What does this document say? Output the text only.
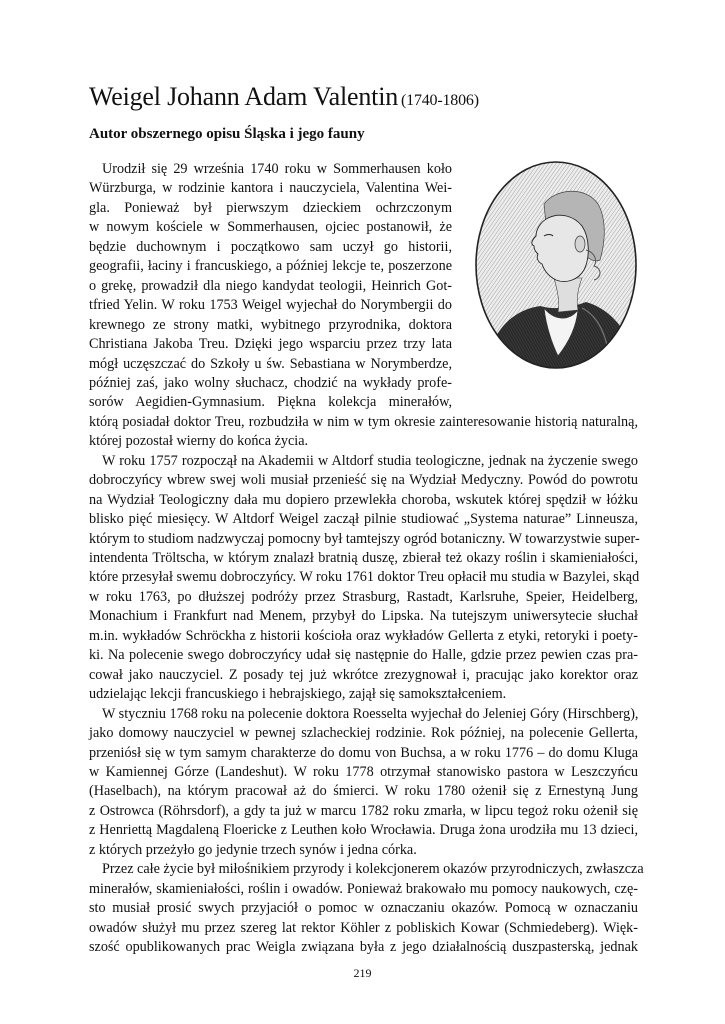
Weigel Johann Adam Valentin (1740-1806)
Autor obszernego opisu Śląska i jego fauny
Urodził się 29 września 1740 roku w Sommerhausen koło
Würzburga, w rodzinie kantora i nauczyciela, Valentina Wei-
gla. Ponieważ był pierwszym dzieckiem ochrzczonym
w nowym kościele w Sommerhausen, ojciec postanowił, że
będzie duchownym i początkowo sam uczył go historii,
geografii, łaciny i francuskiego, a później lekcje te, poszerzone
o grekę, prowadził dla niego kandydat teologii, Heinrich Got-
tfried Yelin. W roku 1753 Weigel wyjechał do Norymbergii do
krewnego ze strony matki, wybitnego przyrodnika, doktora
Christiana Jakoba Treu. Dzięki jego wsparciu przez trzy lata
mógł uczęszczać do Szkoły u św. Sebastiana w Norymberdze,
później zaś, jako wolny słuchacz, chodzić na wykłady profe-
sorów Aegidien-Gymnasium. Piękna kolekcja minerałów,
którą posiadał doktor Treu, rozbudziła w nim w tym okresie zainteresowanie historią naturalną,
której pozostał wierny do końca życia.
W roku 1757 rozpoczął na Akademii w Altdorf studia teologiczne, jednak na życzenie swego
dobroczyńcy wbrew swej woli musiał przenieść się na Wydział Medyczny. Powód do powrotu
na Wydział Teologiczny dała mu dopiero przewlekła choroba, wskutek której spędził w łóżku
blisko pięć miesięcy. W Altdorf Weigel zaczął pilnie studiować „Systema naturae” Linneusza,
którym to studiom nadzwyczaj pomocny był tamtejszy ogród botaniczny. W towarzystwie super-
intendenta Tröltscha, w którym znalazł bratnią duszę, zbierał też okazy roślin i skamieniałości,
które przesyłał swemu dobroczyńcy. W roku 1761 doktor Treu opłacił mu studia w Bazylei, skąd
w roku 1763, po dłuższej podróży przez Strasburg, Rastadt, Karlsruhe, Speier, Heidelberg,
Monachium i Frankfurt nad Menem, przybył do Lipska. Na tutejszym uniwersytecie słuchał
m.in. wykładów Schröckha z historii kościoła oraz wykładów Gellerta z etyki, retoryki i poety-
ki. Na polecenie swego dobroczyńcy udał się następnie do Halle, gdzie przez pewien czas pra-
cował jako nauczyciel. Z posady tej już wkrótce zrezygnował i, pracując jako korektor oraz
udzielając lekcji francuskiego i hebrajskiego, zajął się samokształceniem.
W styczniu 1768 roku na polecenie doktora Roesselta wyjechał do Jeleniej Góry (Hirschberg),
jako domowy nauczyciel w pewnej szlacheckiej rodzinie. Rok później, na polecenie Gellerta,
przeniósł się w tym samym charakterze do domu von Buchsa, a w roku 1776 – do domu Kluga
w Kamiennej Górze (Landeshut). W roku 1778 otrzymał stanowisko pastora w Leszczyńcu
(Haselbach), na którym pracował aż do śmierci. W roku 1780 ożenił się z Ernestyną Jung
z Ostrowca (Röhrsdorf), a gdy ta już w marcu 1782 roku zmarła, w lipcu tegoż roku ożenił się
z Henriettą Magdaleną Floericke z Leuthen koło Wrocławia. Druga żona urodziła mu 13 dzieci,
z których przeżyło go jedynie trzech synów i jedna córka.
Przez całe życie był miłośnikiem przyrody i kolekcjonerem okazów przyrodniczych, zwłaszcza
minerałów, skamieniałości, roślin i owadów. Ponieważ brakowało mu pomocy naukowych, czę-
sto musiał prosić swych przyjaciół o pomoc w oznaczaniu okazów. Pomocą w oznaczaniu
owadów służył mu przez szereg lat rektor Köhler z pobliskich Kowar (Schmiedeberg). Więk-
szość opublikowanych prac Weigla związana była z jego działalnością duszpasterską, jednak
219
